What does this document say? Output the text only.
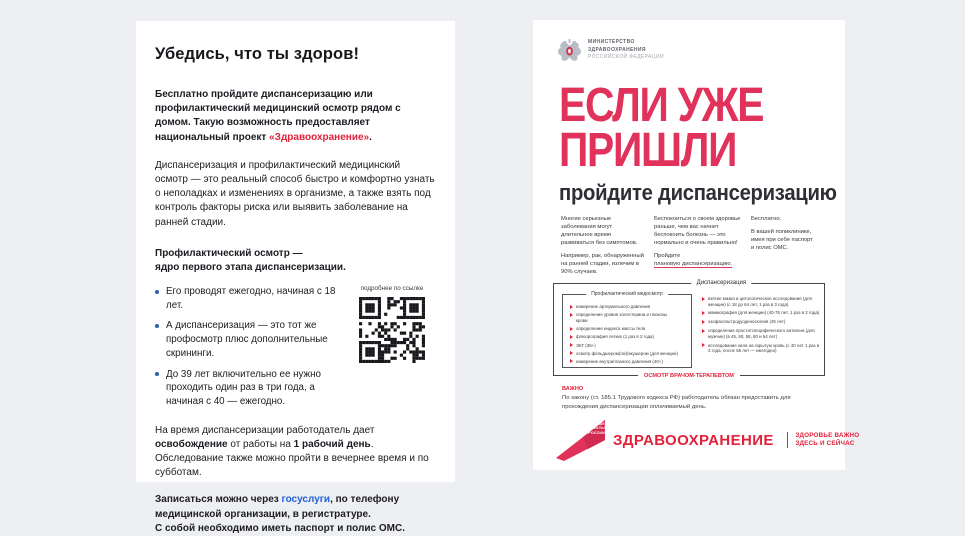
Убедись, что ты здоров!

Бесплатно пройдите диспансеризацию или профилактический медицинский осмотр рядом с домом. Такую возможность предоставляет национальный проект «Здравоохранение».

Диспансеризация и профилактический медицинский осмотр — это реальный способ быстро и комфортно узнать о неполадках и изменениях в организме, а также взять под контроль факторы риска или выявить заболевание на ранней стадии.

Профилактический осмотр —
ядро первого этапа диспансеризации.

Его проводят ежегодно, начиная с 18 лет.
А диспансеризация — это тот же профосмотр плюс дополнительные скрининги.
До 39 лет включительно ее нужно проходить один раз в три года, а начиная с 40 — ежегодно.
подробнее по ссылке

На время диспансеризации работодатель дает освобождение от работы на 1 рабочий день. Обследование также можно пройти в вечернее время и по субботам.

Записаться можно через госуслуги, по телефону медицинской организации, в регистратуре.
С собой необходимо иметь паспорт и полис ОМС.

МИНИСТЕРСТВО
ЗДРАВООХРАНЕНИЯ
РОССИЙСКОЙ ФЕДЕРАЦИИ
ЕСЛИ УЖЕ
ПРИШЛИ
пройдите диспансеризацию

Многие серьезные заболевания могут длительное время развиваться без симптомов.

Например, рак, обнаруженный на ранней стадии, излечим в 90% случаев.

Беспокоиться о своем здоровье раньше, чем вас начнет беспокоить болезнь — это нормально и очень правильно!

Пройдите
плановую диспансеризацию.

Бесплатно.

В вашей поликлинике, имея при себе паспорт и полис ОМС.

Диспансеризация
Профилактический медосмотр
измерение артериального давления
определение уровня холестерина и глюкозы крови
определение индекса массы тела
флюорография легких (1 раз в 2 года)
ЭКГ (35+)
осмотр фельдшером(см)/акушером (для женщин)
измерение внутриглазного давления (40+)
взятие мазка и цитологическое исследование (для женщин) (с 18 до 64 лет, 1 раз в 3 года)
маммография (для женщин) (40-75 лет, 1 раз в 2 года)
эзофагогастродуоденоскопия (45 лет)
определение простатспецифического антигена (для мужчин) (в 45, 50, 55, 60 и 64 лет)
исследование кала на скрытую кровь (с 40 лет 1 раз в 2 года, после 65 лет — ежегодно)
ОСМОТР ВРАЧОМ-ТЕРАПЕВТОМ
ВАЖНО
По закону (ст. 185.1 Трудового кодекса РФ) работодатель обязан предоставить для прохождения диспансеризации оплачиваемый день.
НАЦИОНАЛЬНЫЕ
ПРОЕКТЫ
РОССИИ ЗДРАВООХРАНЕНИЕ	ЗДОРОВЬЕ ВАЖНО
ЗДЕСЬ И СЕЙЧАС
